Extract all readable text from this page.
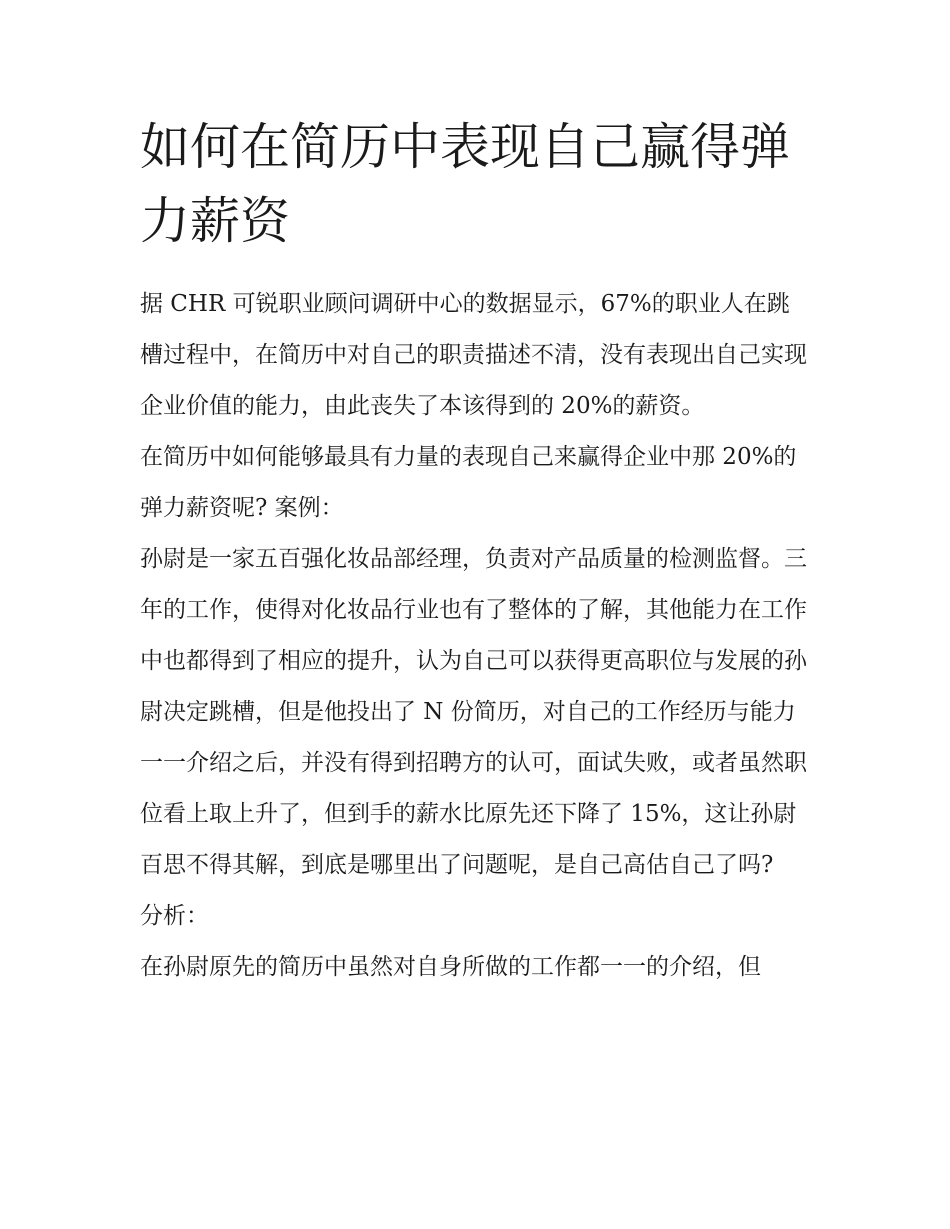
如何在简历中表现自己赢得弹力薪资

据 CHR 可锐职业顾问调研中心的数据显示，67%的职业人在跳槽过程中，在简历中对自己的职责描述不清，没有表现出自己实现企业价值的能力，由此丧失了本该得到的 20%的薪资。

在简历中如何能够最具有力量的表现自己来赢得企业中那 20%的弹力薪资呢? 案例：

孙尉是一家五百强化妆品部经理，负责对产品质量的检测监督。三年的工作，使得对化妆品行业也有了整体的了解，其他能力在工作中也都得到了相应的提升，认为自己可以获得更高职位与发展的孙尉决定跳槽，但是他投出了 N 份简历，对自己的工作经历与能力一一介绍之后，并没有得到招聘方的认可，面试失败，或者虽然职位看上取上升了，但到手的薪水比原先还下降了 15%，这让孙尉百思不得其解，到底是哪里出了问题呢，是自己高估自己了吗?

分析：

在孙尉原先的简历中虽然对自身所做的工作都一一的介绍，但
